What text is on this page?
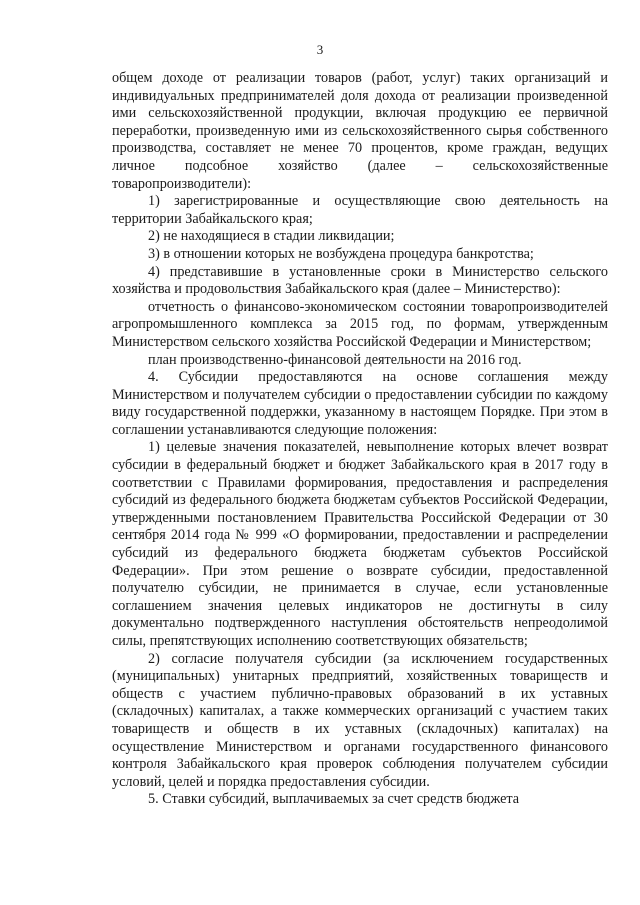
3

общем доходе от реализации товаров (работ, услуг) таких организаций и индивидуальных предпринимателей доля дохода от реализации произведенной ими сельскохозяйственной продукции, включая продукцию ее первичной переработки, произведенную ими из сельскохозяйственного сырья собственного производства, составляет не менее 70 процентов, кроме граждан, ведущих личное подсобное хозяйство (далее – сельскохозяйственные товаропроизводители):

1) зарегистрированные и осуществляющие свою деятельность на территории Забайкальского края;

2) не находящиеся в стадии ликвидации;

3) в отношении которых не возбуждена процедура банкротства;

4) представившие в установленные сроки в Министерство сельского хозяйства и продовольствия Забайкальского края (далее – Министерство):

отчетность о финансово-экономическом состоянии товаропроизводителей агропромышленного комплекса за 2015 год, по формам, утвержденным Министерством сельского хозяйства Российской Федерации и Министерством;

план производственно-финансовой деятельности на 2016 год.

4. Субсидии предоставляются на основе соглашения между Министерством и получателем субсидии о предоставлении субсидии по каждому виду государственной поддержки, указанному в настоящем Порядке. При этом в соглашении устанавливаются следующие положения:

1) целевые значения показателей, невыполнение которых влечет возврат субсидии в федеральный бюджет и бюджет Забайкальского края в 2017 году в соответствии с Правилами формирования, предоставления и распределения субсидий из федерального бюджета бюджетам субъектов Российской Федерации, утвержденными постановлением Правительства Российской Федерации от 30 сентября 2014 года № 999 «О формировании, предоставлении и распределении субсидий из федерального бюджета бюджетам субъектов Российской Федерации». При этом решение о возврате субсидии, предоставленной получателю субсидии, не принимается в случае, если установленные соглашением значения целевых индикаторов не достигнуты в силу документально подтвержденного наступления обстоятельств непреодолимой силы, препятствующих исполнению соответствующих обязательств;

2) согласие получателя субсидии (за исключением государственных (муниципальных) унитарных предприятий, хозяйственных товариществ и обществ с участием публично-правовых образований в их уставных (складочных) капиталах, а также коммерческих организаций с участием таких товариществ и обществ в их уставных (складочных) капиталах) на осуществление Министерством и органами государственного финансового контроля Забайкальского края проверок соблюдения получателем субсидии условий, целей и порядка предоставления субсидии.

5. Ставки субсидий, выплачиваемых за счет средств бюджета
